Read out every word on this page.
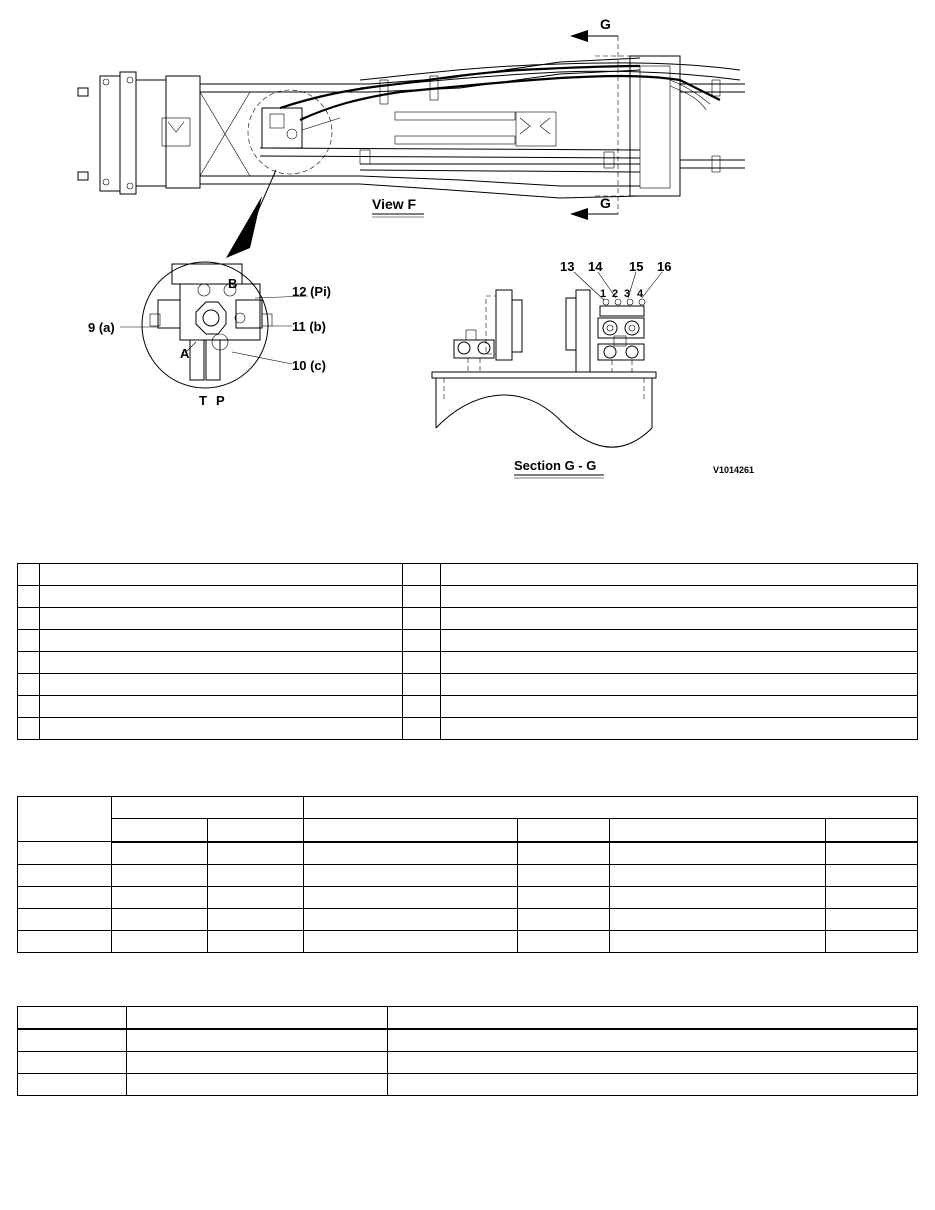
G
G
View F
B
12 (Pi)
9 (a)	11 (b)
A
10 (c)
T P
13 14 15 16
1 2 3 4
Section G - G	V1014261
